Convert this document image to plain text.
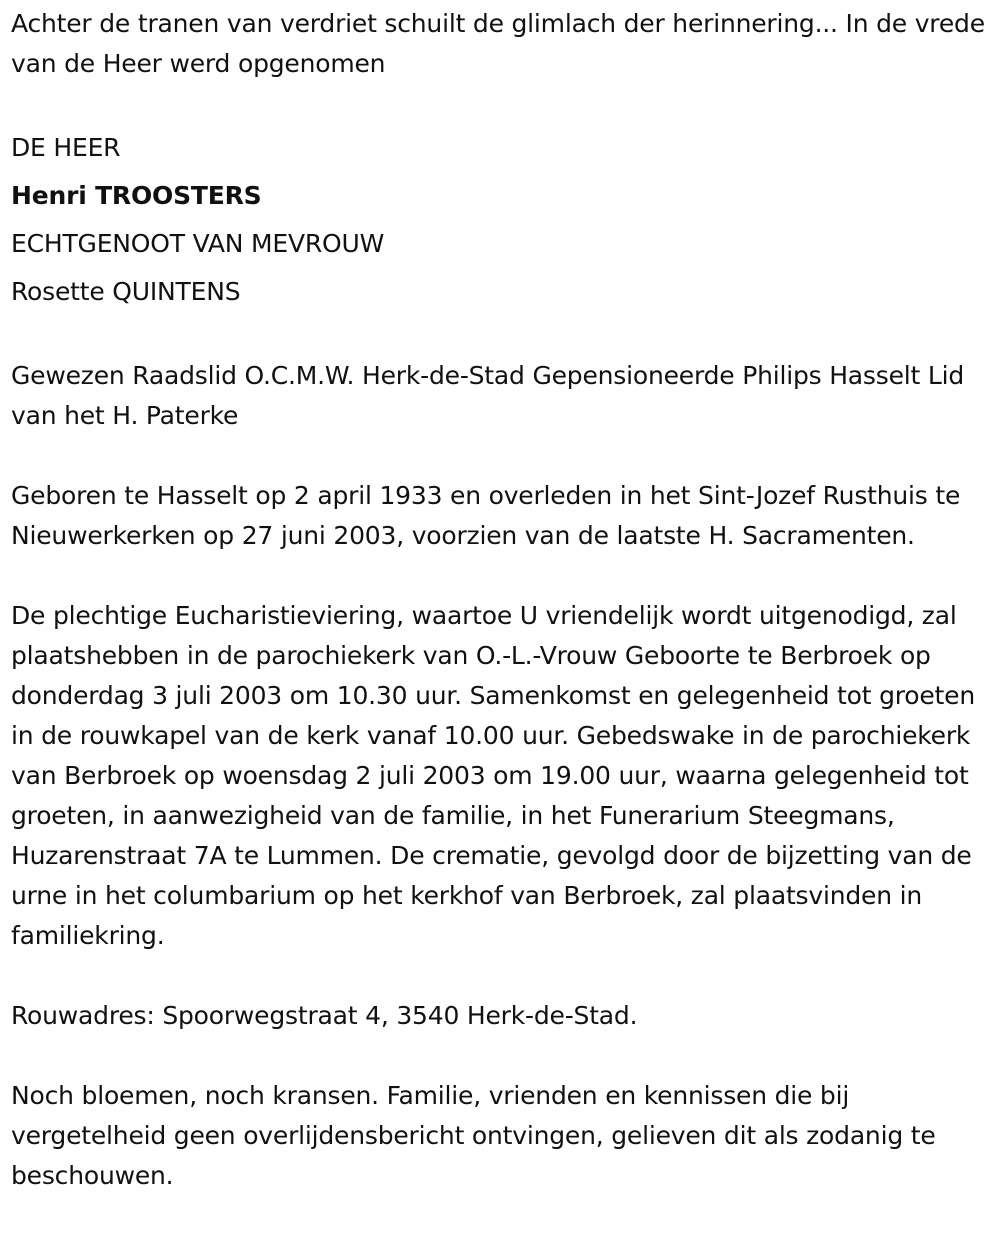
Achter de tranen van verdriet schuilt de glimlach der herinnering... In de vrede van de Heer werd opgenomen

DE HEER
Henri TROOSTERS
ECHTGENOOT VAN MEVROUW
Rosette QUINTENS

Gewezen Raadslid O.C.M.W. Herk-de-Stad Gepensioneerde Philips Hasselt Lid van het H. Paterke

Geboren te Hasselt op 2 april 1933 en overleden in het Sint-Jozef Rusthuis te Nieuwerkerken op 27 juni 2003, voorzien van de laatste H. Sacramenten.

De plechtige Eucharistieviering, waartoe U vriendelijk wordt uitgenodigd, zal plaatshebben in de parochiekerk van O.-L.-Vrouw Geboorte te Berbroek op donderdag 3 juli 2003 om 10.30 uur. Samenkomst en gelegenheid tot groeten in de rouwkapel van de kerk vanaf 10.00 uur. Gebedswake in de parochiekerk van Berbroek op woensdag 2 juli 2003 om 19.00 uur, waarna gelegenheid tot groeten, in aanwezigheid van de familie, in het Funerarium Steegmans, Huzarenstraat 7A te Lummen. De crematie, gevolgd door de bijzetting van de urne in het columbarium op het kerkhof van Berbroek, zal plaatsvinden in familiekring.

Rouwadres: Spoorwegstraat 4, 3540 Herk-de-Stad.

Noch bloemen, noch kransen. Familie, vrienden en kennissen die bij vergetelheid geen overlijdensbericht ontvingen, gelieven dit als zodanig te beschouwen.
